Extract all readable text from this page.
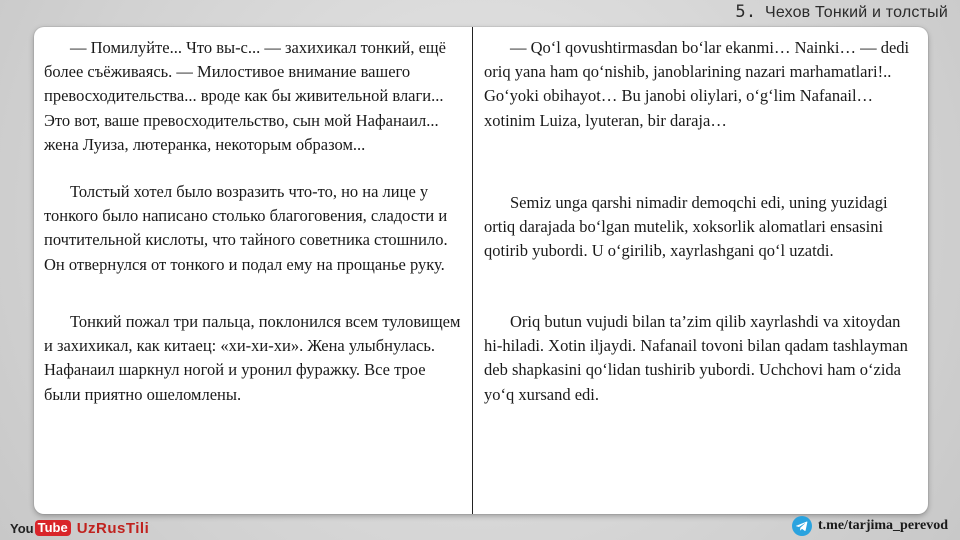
5. Чехов Тонкий и толстый

— Помилуйте... Что вы-с... — захихикал тонкий, ещё более съёживаясь. — Милостивое внимание вашего превосходительства... вроде как бы живительной влаги... Это вот, ваше превосходительство, сын мой Нафанаил... жена Луиза, лютеранка, некоторым образом...

Толстый хотел было возразить что-то, но на лице у тонкого было написано столько благоговения, сладости и почтительной кислоты, что тайного советника стошнило. Он отвернулся от тонкого и подал ему на прощанье руку.

Тонкий пожал три пальца, поклонился всем туловищем и захихикал, как китаец: «хи-хи-хи». Жена улыбнулась. Нафанаил шаркнул ногой и уронил фуражку. Все трое были приятно ошеломлены.

— Qo‘l qovushtirmasdan bo‘lar ekanmi… Nainki… — dedi oriq yana ham qo‘nishib, janoblarining nazari marhamatlari!.. Go‘yoki obihayot… Bu janobi oliylari, o‘g‘lim Nafanail… xotinim Luiza, lyuteran, bir daraja…

Semiz unga qarshi nimadir demoqchi edi, uning yuzidagi ortiq darajada bo‘lgan mutelik, xoksorlik alomatlari ensasini qotirib yubordi. U o‘girilib, xayrlashgani qo‘l uzatdi.

Oriq butun vujudi bilan ta’zim qilib xayrlashdi va xitoydan hi-hiladi. Xotin iljaydi. Nafanail tovoni bilan qadam tashlayman deb shapkasini qo‘lidan tushirib yubordi. Uchchovi ham o‘zida yo‘q xursand edi.

You Tube UzRusTili	t.me/tarjima_perevod
